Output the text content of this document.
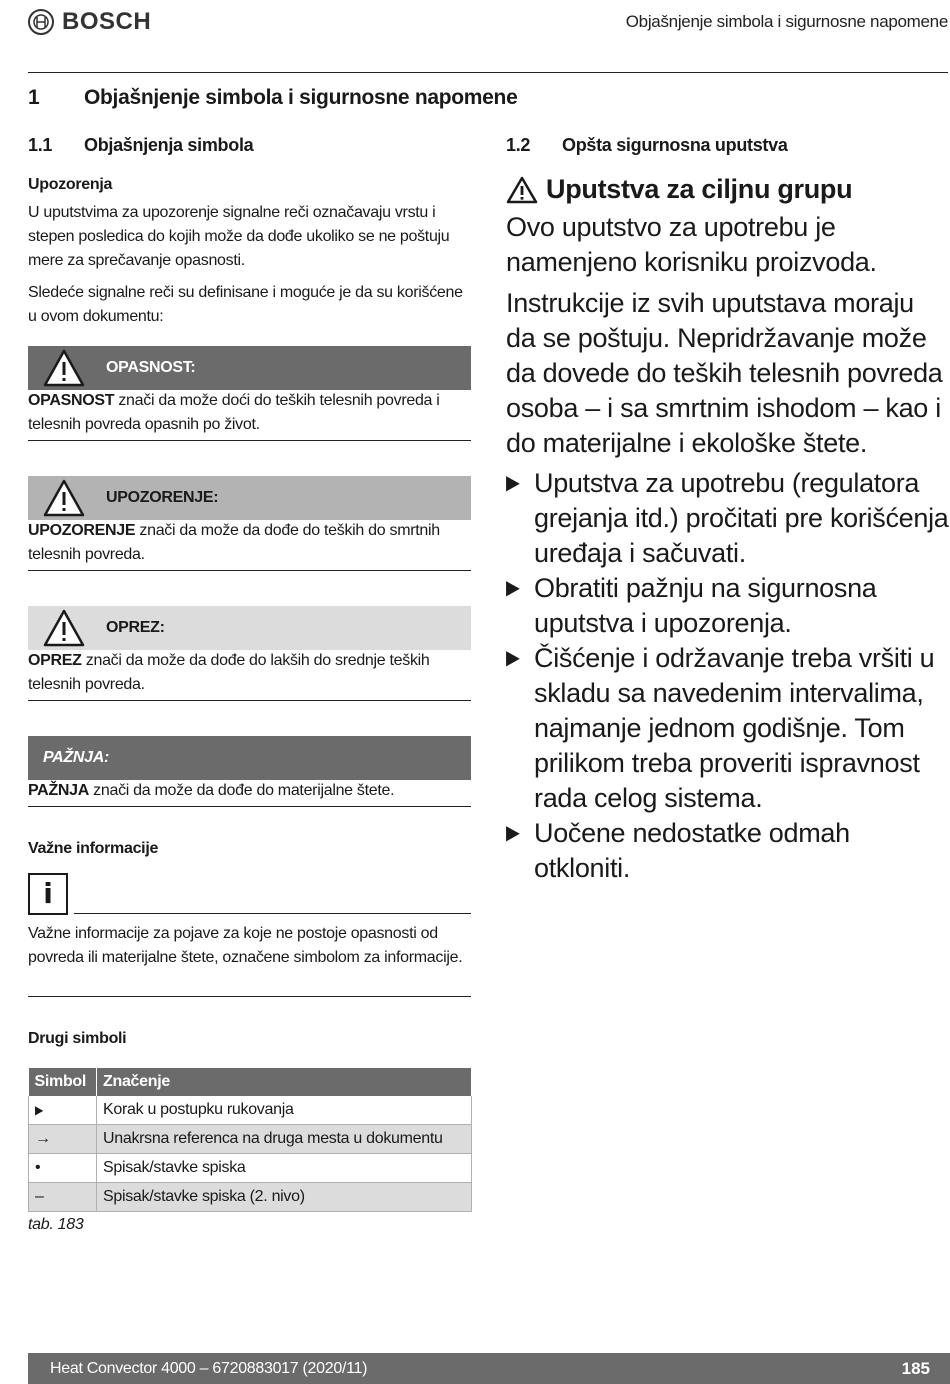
BOSCH	Objašnjenje simbola i sigurnosne napomene
1 Objašnjenje simbola i sigurnosne napomene
1.1 Objašnjenja simbola
Upozorenja
U uputstvima za upozorenje signalne reči označavaju vrstu i stepen posledica do kojih može da dođe ukoliko se ne poštuju mere za sprečavanje opasnosti.
Sledeće signalne reči su definisane i moguće je da su korišćene u ovom dokumentu:
OPASNOST:
OPASNOST znači da može doći do teških telesnih povreda i telesnih povreda opasnih po život.
UPOZORENJE:
UPOZORENJE znači da može da dođe do teških do smrtnih telesnih povreda.
OPREZ:
OPREZ znači da može da dođe do lakših do srednje teških telesnih povreda.
PAŽNJA:
PAŽNJA znači da može da dođe do materijalne štete.
Važne informacije
i
Važne informacije za pojave za koje ne postoje opasnosti od povreda ili materijalne štete, označene simbolom za informacije.
Drugi simboli
Simbol	Značenje
▶	Korak u postupku rukovanja
→	Unakrsna referenca na druga mesta u dokumentu
•	Spisak/stavke spiska
–	Spisak/stavke spiska (2. nivo)
tab. 183
1.2 Opšta sigurnosna uputstva
Uputstva za ciljnu grupu
Ovo uputstvo za upotrebu je namenjeno korisniku proizvoda.
Instrukcije iz svih uputstava moraju da se poštuju. Nepridržavanje može da dovede do teških telesnih povreda osoba – i sa smrtnim ishodom – kao i do materijalne i ekološke štete.
▶ Uputstva za upotrebu (regulatora grejanja itd.) pročitati pre korišćenja uređaja i sačuvati.
▶ Obratiti pažnju na sigurnosna uputstva i upozorenja.
▶ Čišćenje i održavanje treba vršiti u skladu sa navedenim intervalima, najmanje jednom godišnje. Tom prilikom treba proveriti ispravnost rada celog sistema.
▶ Uočene nedostatke odmah otkloniti.
Heat Convector 4000 – 6720883017 (2020/11)	185
